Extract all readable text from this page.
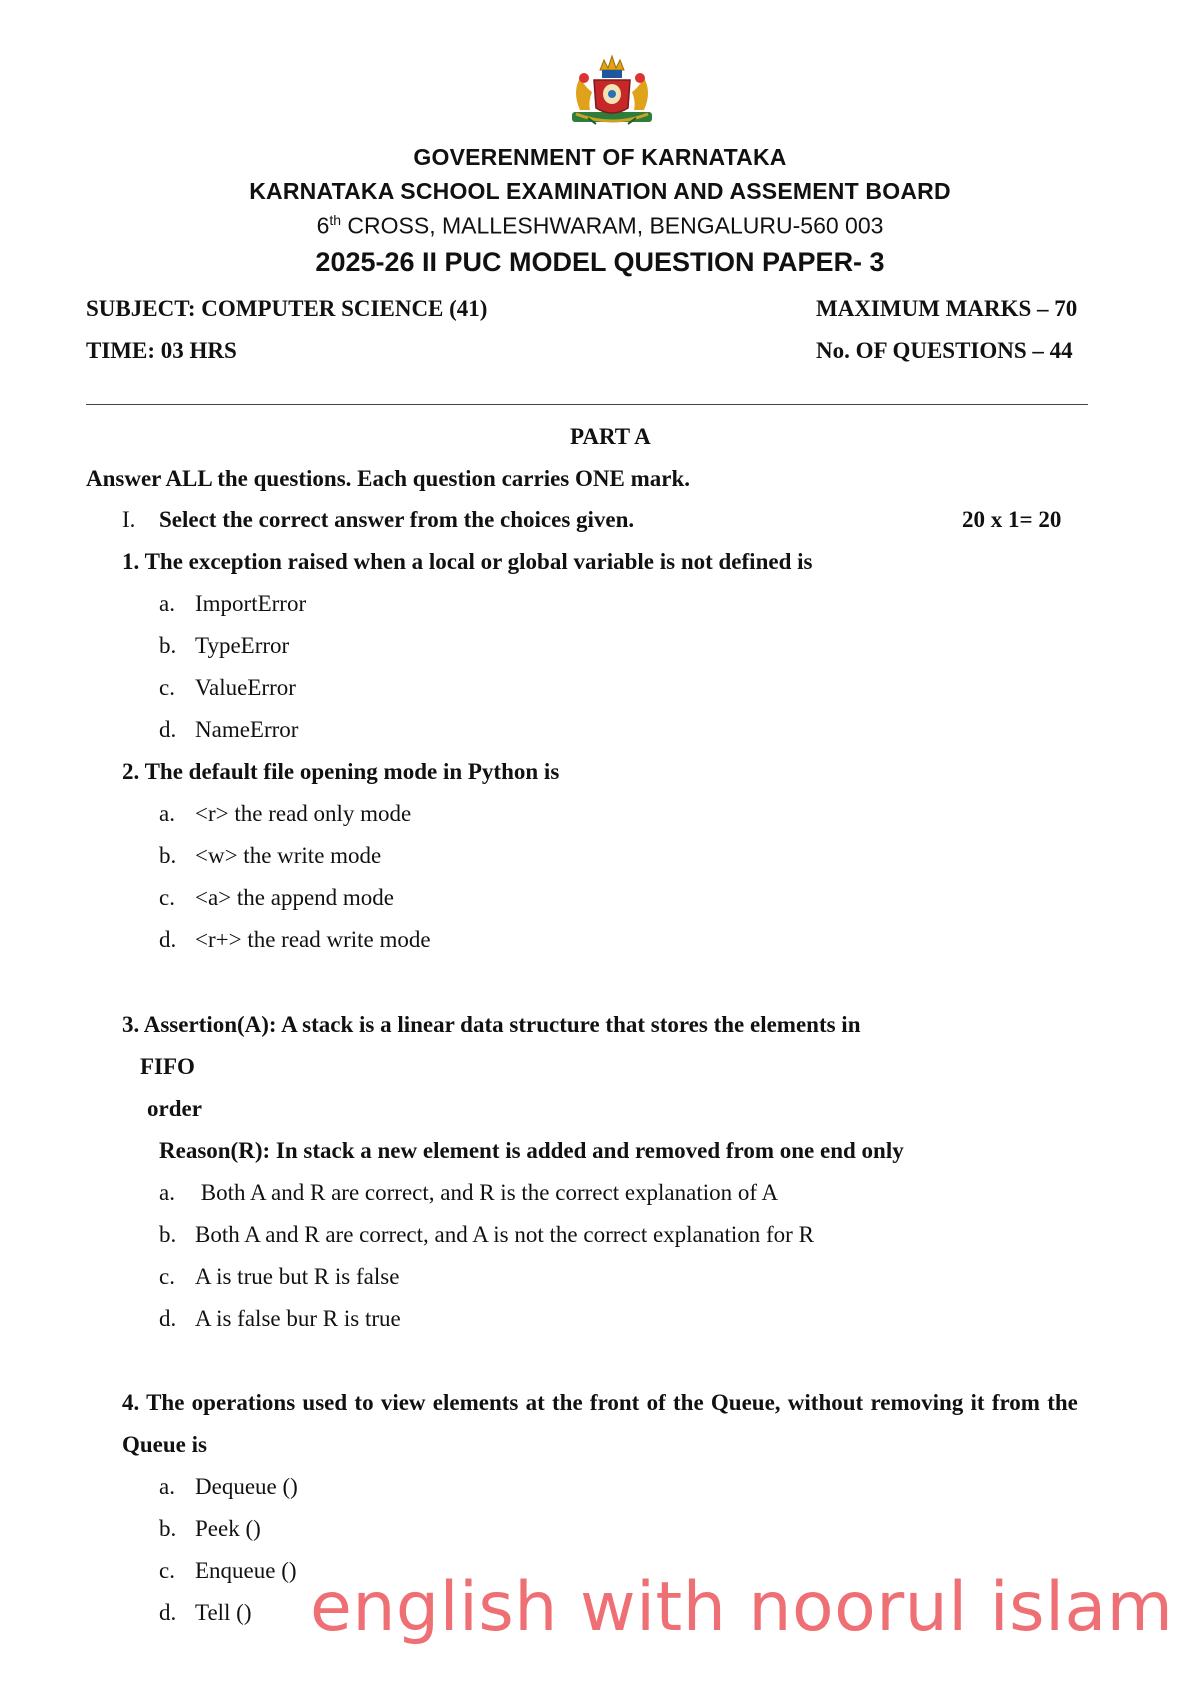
GOVERENMENT OF KARNATAKA
KARNATAKA SCHOOL EXAMINATION AND ASSEMENT BOARD
6th CROSS, MALLESHWARAM, BENGALURU-560 003
2025-26 II PUC MODEL QUESTION PAPER- 3
SUBJECT: COMPUTER SCIENCE (41)	MAXIMUM MARKS – 70
TIME: 03 HRS	No. OF QUESTIONS – 44
PART A
Answer ALL the questions. Each question carries ONE mark.
I. Select the correct answer from the choices given.	20 x 1= 20
1. The exception raised when a local or global variable is not defined is
a. ImportError
b. TypeError
c. ValueError
d. NameError
2. The default file opening mode in Python is
a. <r> the read only mode
b. <w> the write mode
c. <a> the append mode
d. <r+> the read write mode
3. Assertion(A): A stack is a linear data structure that stores the elements in
FIFO
order
Reason(R): In stack a new element is added and removed from one end only
a. Both A and R are correct, and R is the correct explanation of A
b. Both A and R are correct, and A is not the correct explanation for R
c. A is true but R is false
d. A is false bur R is true
4. The operations used to view elements at the front of the Queue, without removing it from the
Queue is
a. Dequeue ()
b. Peek ()
c. Enqueue ()
d. Tell () english with noorul islam
